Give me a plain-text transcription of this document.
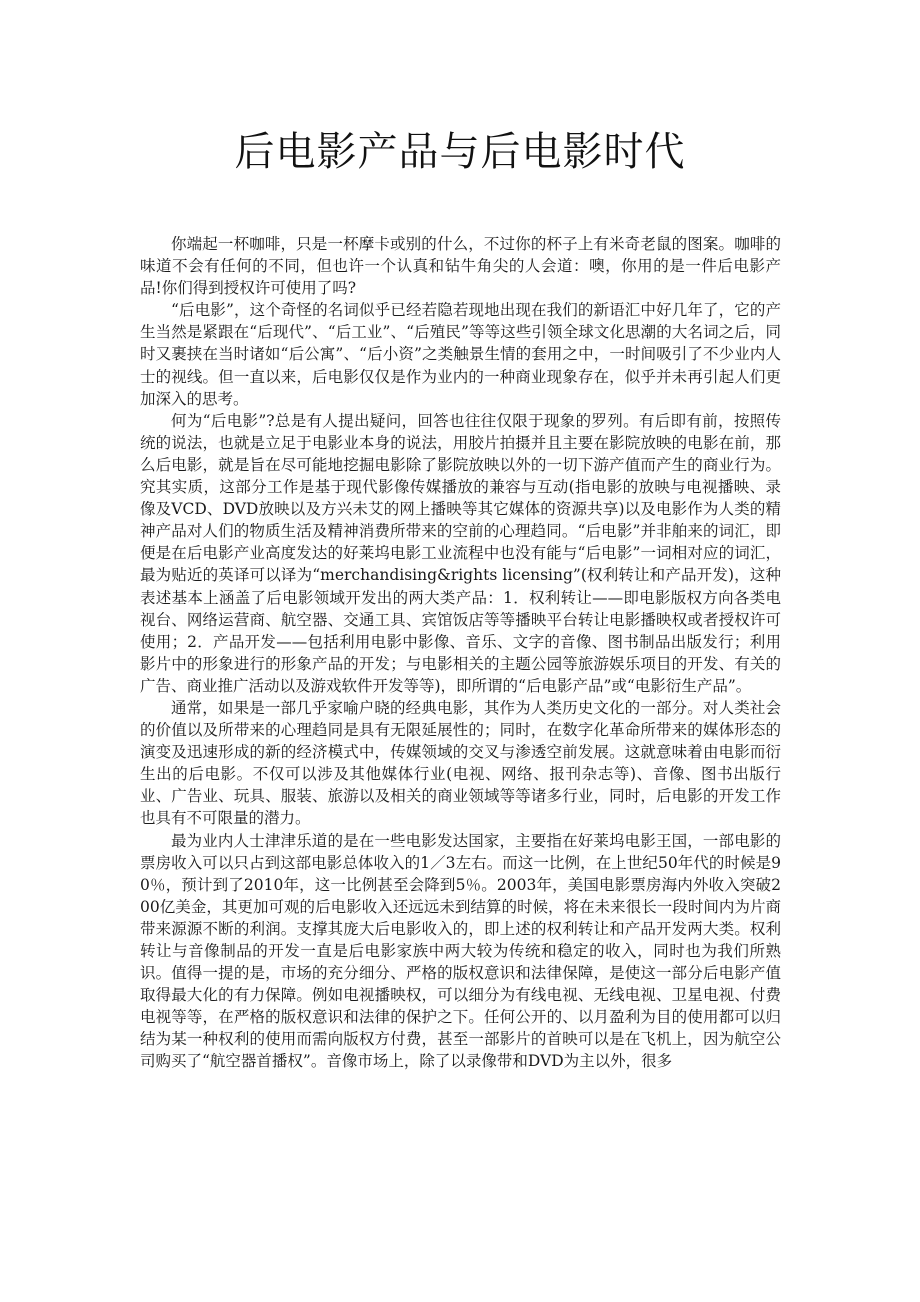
后电影产品与后电影时代

你端起一杯咖啡，只是一杯摩卡或别的什么，不过你的杯子上有米奇老鼠的图案。咖啡的味道不会有任何的不同，但也许一个认真和钻牛角尖的人会道：噢，你用的是一件后电影产品!你们得到授权许可使用了吗?

“后电影”，这个奇怪的名词似乎已经若隐若现地出现在我们的新语汇中好几年了，它的产生当然是紧跟在“后现代”、“后工业”、“后殖民”等等这些引领全球文化思潮的大名词之后，同时又裹挟在当时诸如“后公寓”、“后小资”之类触景生情的套用之中，一时间吸引了不少业内人士的视线。但一直以来，后电影仅仅是作为业内的一种商业现象存在，似乎并未再引起人们更加深入的思考。

何为“后电影”?总是有人提出疑问，回答也往往仅限于现象的罗列。有后即有前，按照传统的说法，也就是立足于电影业本身的说法，用胶片拍摄并且主要在影院放映的电影在前，那么后电影，就是旨在尽可能地挖掘电影除了影院放映以外的一切下游产值而产生的商业行为。究其实质，这部分工作是基于现代影像传媒播放的兼容与互动(指电影的放映与电视播映、录像及VCD、DVD放映以及方兴未艾的网上播映等其它媒体的资源共享)以及电影作为人类的精神产品对人们的物质生活及精神消费所带来的空前的心理趋同。“后电影”并非舶来的词汇，即便是在后电影产业高度发达的好莱坞电影工业流程中也没有能与“后电影”一词相对应的词汇，最为贴近的英译可以译为“merchandising&rights licensing”(权利转让和产品开发)，这种表述基本上涵盖了后电影领域开发出的两大类产品：1．权利转让——即电影版权方向各类电视台、网络运营商、航空器、交通工具、宾馆饭店等等播映平台转让电影播映权或者授权许可使用；2．产品开发——包括利用电影中影像、音乐、文字的音像、图书制品出版发行；利用影片中的形象进行的形象产品的开发；与电影相关的主题公园等旅游娱乐项目的开发、有关的广告、商业推广活动以及游戏软件开发等等)，即所谓的“后电影产品”或“电影衍生产品”。

通常，如果是一部几乎家喻户晓的经典电影，其作为人类历史文化的一部分。对人类社会的价值以及所带来的心理趋同是具有无限延展性的；同时，在数字化革命所带来的媒体形态的演变及迅速形成的新的经济模式中，传媒领域的交叉与渗透空前发展。这就意味着由电影而衍生出的后电影。不仅可以涉及其他媒体行业(电视、网络、报刊杂志等)、音像、图书出版行业、广告业、玩具、服装、旅游以及相关的商业领域等等诸多行业，同时，后电影的开发工作也具有不可限量的潜力。

最为业内人士津津乐道的是在一些电影发达国家，主要指在好莱坞电影王国，一部电影的票房收入可以只占到这部电影总体收入的1／3左右。而这一比例，在上世纪50年代的时候是90％，预计到了2010年，这一比例甚至会降到5％。2003年，美国电影票房海内外收入突破200亿美金，其更加可观的后电影收入还远远未到结算的时候，将在未来很长一段时间内为片商带来源源不断的利润。支撑其庞大后电影收入的，即上述的权利转让和产品开发两大类。权利转让与音像制品的开发一直是后电影家族中两大较为传统和稳定的收入，同时也为我们所熟识。值得一提的是，市场的充分细分、严格的版权意识和法律保障，是使这一部分后电影产值取得最大化的有力保障。例如电视播映权，可以细分为有线电视、无线电视、卫星电视、付费电视等等，在严格的版权意识和法律的保护之下。任何公开的、以月盈利为目的使用都可以归结为某一种权利的使用而需向版权方付费，甚至一部影片的首映可以是在飞机上，因为航空公司购买了“航空器首播权”。音像市场上，除了以录像带和DVD为主以外，很多
